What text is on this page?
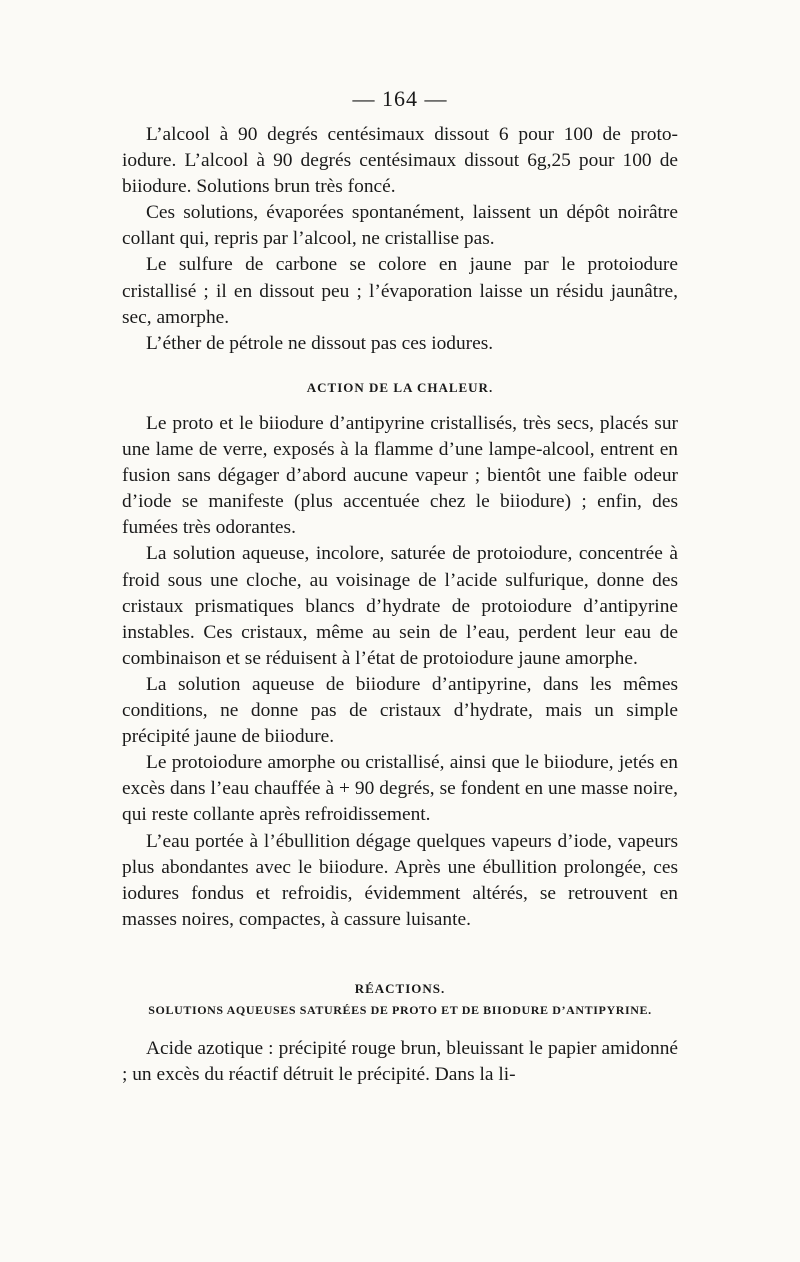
— 164 —

L’alcool à 90 degrés centésimaux dissout 6 pour 100 de proto-iodure. L’alcool à 90 degrés centésimaux dissout 6g,25 pour 100 de biiodure. Solutions brun très foncé.

Ces solutions, évaporées spontanément, laissent un dépôt noirâtre collant qui, repris par l’alcool, ne cristallise pas.

Le sulfure de carbone se colore en jaune par le protoiodure cristallisé ; il en dissout peu ; l’évaporation laisse un résidu jaunâtre, sec, amorphe.

L’éther de pétrole ne dissout pas ces iodures.

ACTION DE LA CHALEUR.

Le proto et le biiodure d’antipyrine cristallisés, très secs, placés sur une lame de verre, exposés à la flamme d’une lampe-alcool, entrent en fusion sans dégager d’abord aucune vapeur ; bientôt une faible odeur d’iode se manifeste (plus accentuée chez le biiodure) ; enfin, des fumées très odorantes.

La solution aqueuse, incolore, saturée de protoiodure, concentrée à froid sous une cloche, au voisinage de l’acide sulfurique, donne des cristaux prismatiques blancs d’hydrate de protoiodure d’antipyrine instables. Ces cristaux, même au sein de l’eau, perdent leur eau de combinaison et se réduisent à l’état de protoiodure jaune amorphe.

La solution aqueuse de biiodure d’antipyrine, dans les mêmes conditions, ne donne pas de cristaux d’hydrate, mais un simple précipité jaune de biiodure.

Le protoiodure amorphe ou cristallisé, ainsi que le biiodure, jetés en excès dans l’eau chauffée à + 90 degrés, se fondent en une masse noire, qui reste collante après refroidissement.

L’eau portée à l’ébullition dégage quelques vapeurs d’iode, vapeurs plus abondantes avec le biiodure. Après une ébullition prolongée, ces iodures fondus et refroidis, évidemment altérés, se retrouvent en masses noires, compactes, à cassure luisante.

RÉACTIONS.
SOLUTIONS AQUEUSES SATURÉES DE PROTO ET DE BIIODURE D’ANTIPYRINE.

Acide azotique : précipité rouge brun, bleuissant le papier amidonné ; un excès du réactif détruit le précipité. Dans la li-
